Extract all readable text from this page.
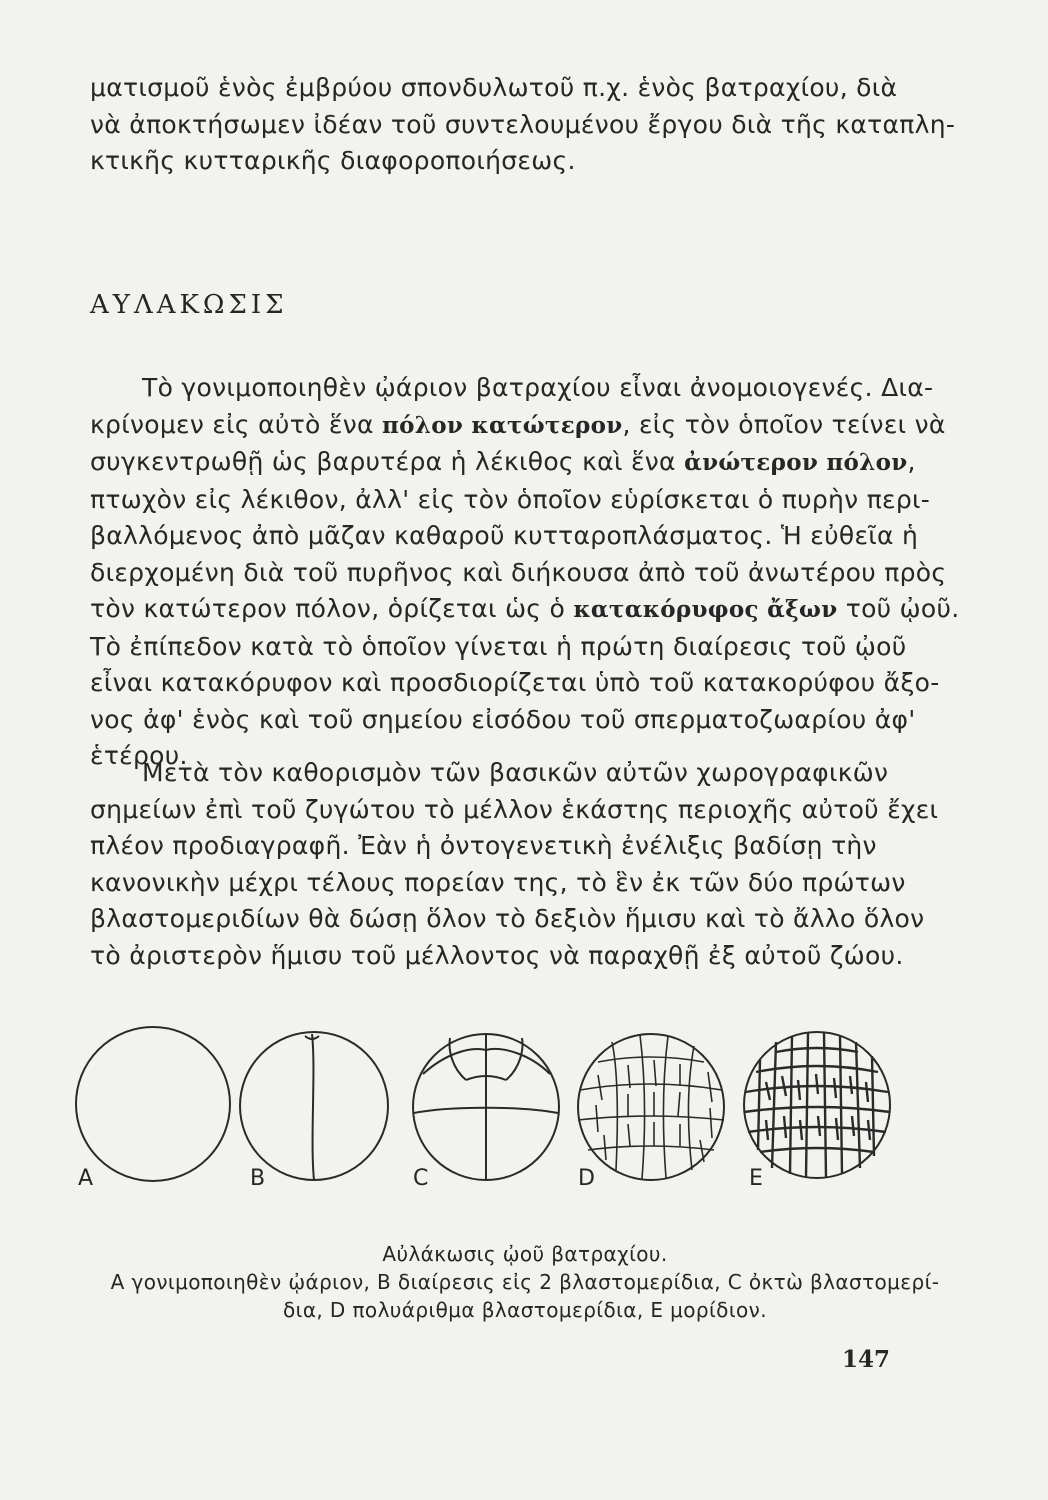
ματισμοῦ ἑνὸς ἐμβρύου σπονδυλωτοῦ π.χ. ἑνὸς βατραχίου, διὰ
νὰ ἀποκτήσωμεν ἰδέαν τοῦ συντελουμένου ἔργου διὰ τῆς καταπλη-
κτικῆς κυτταρικῆς διαφοροποιήσεως.

ΑΥΛΑΚΩΣΙΣ

Τὸ γονιμοποιηθὲν ᾠάριον βατραχίου εἶναι ἀνομοιογενές. Δια-
κρίνομεν εἰς αὐτὸ ἕνα πόλον κατώτερον, εἰς τὸν ὁποῖον τείνει νὰ
συγκεντρωθῇ ὡς βαρυτέρα ἡ λέκιθος καὶ ἕνα ἀνώτερον πόλον,
πτωχὸν εἰς λέκιθον, ἀλλ' εἰς τὸν ὁποῖον εὑρίσκεται ὁ πυρὴν περι-
βαλλόμενος ἀπὸ μᾶζαν καθαροῦ κυτταροπλάσματος. Ἡ εὐθεῖα ἡ
διερχομένη διὰ τοῦ πυρῆνος καὶ διήκουσα ἀπὸ τοῦ ἀνωτέρου πρὸς
τὸν κατώτερον πόλον, ὁρίζεται ὡς ὁ κατακόρυφος ἄξων τοῦ ᾠοῦ.
Τὸ ἐπίπεδον κατὰ τὸ ὁποῖον γίνεται ἡ πρώτη διαίρεσις τοῦ ᾠοῦ
εἶναι κατακόρυφον καὶ προσδιορίζεται ὑπὸ τοῦ κατακορύφου ἄξο-
νος ἀφ' ἑνὸς καὶ τοῦ σημείου εἰσόδου τοῦ σπερματοζωαρίου ἀφ'
ἑτέρου.

Μετὰ τὸν καθορισμὸν τῶν βασικῶν αὐτῶν χωρογραφικῶν
σημείων ἐπὶ τοῦ ζυγώτου τὸ μέλλον ἑκάστης περιοχῆς αὐτοῦ ἔχει
πλέον προδιαγραφῆ. Ἐὰν ἡ ὀντογενετικὴ ἐνέλιξις βαδίσῃ τὴν
κανονικὴν μέχρι τέλους πορείαν της, τὸ ἓν ἐκ τῶν δύο πρώτων
βλαστομεριδίων θὰ δώσῃ ὅλον τὸ δεξιὸν ἥμισυ καὶ τὸ ἄλλο ὅλον
τὸ ἀριστερὸν ἥμισυ τοῦ μέλλοντος νὰ παραχθῇ ἐξ αὐτοῦ ζώου.

A	B	C	D	E
Αὐλάκωσις ᾠοῦ βατραχίου.
A γονιμοποιηθὲν ᾠάριον, B διαίρεσις εἰς 2 βλαστομερίδια, C ὀκτὼ βλαστομερί-
δια, D πολυάριθμα βλαστομερίδια, E μορίδιον.
147
